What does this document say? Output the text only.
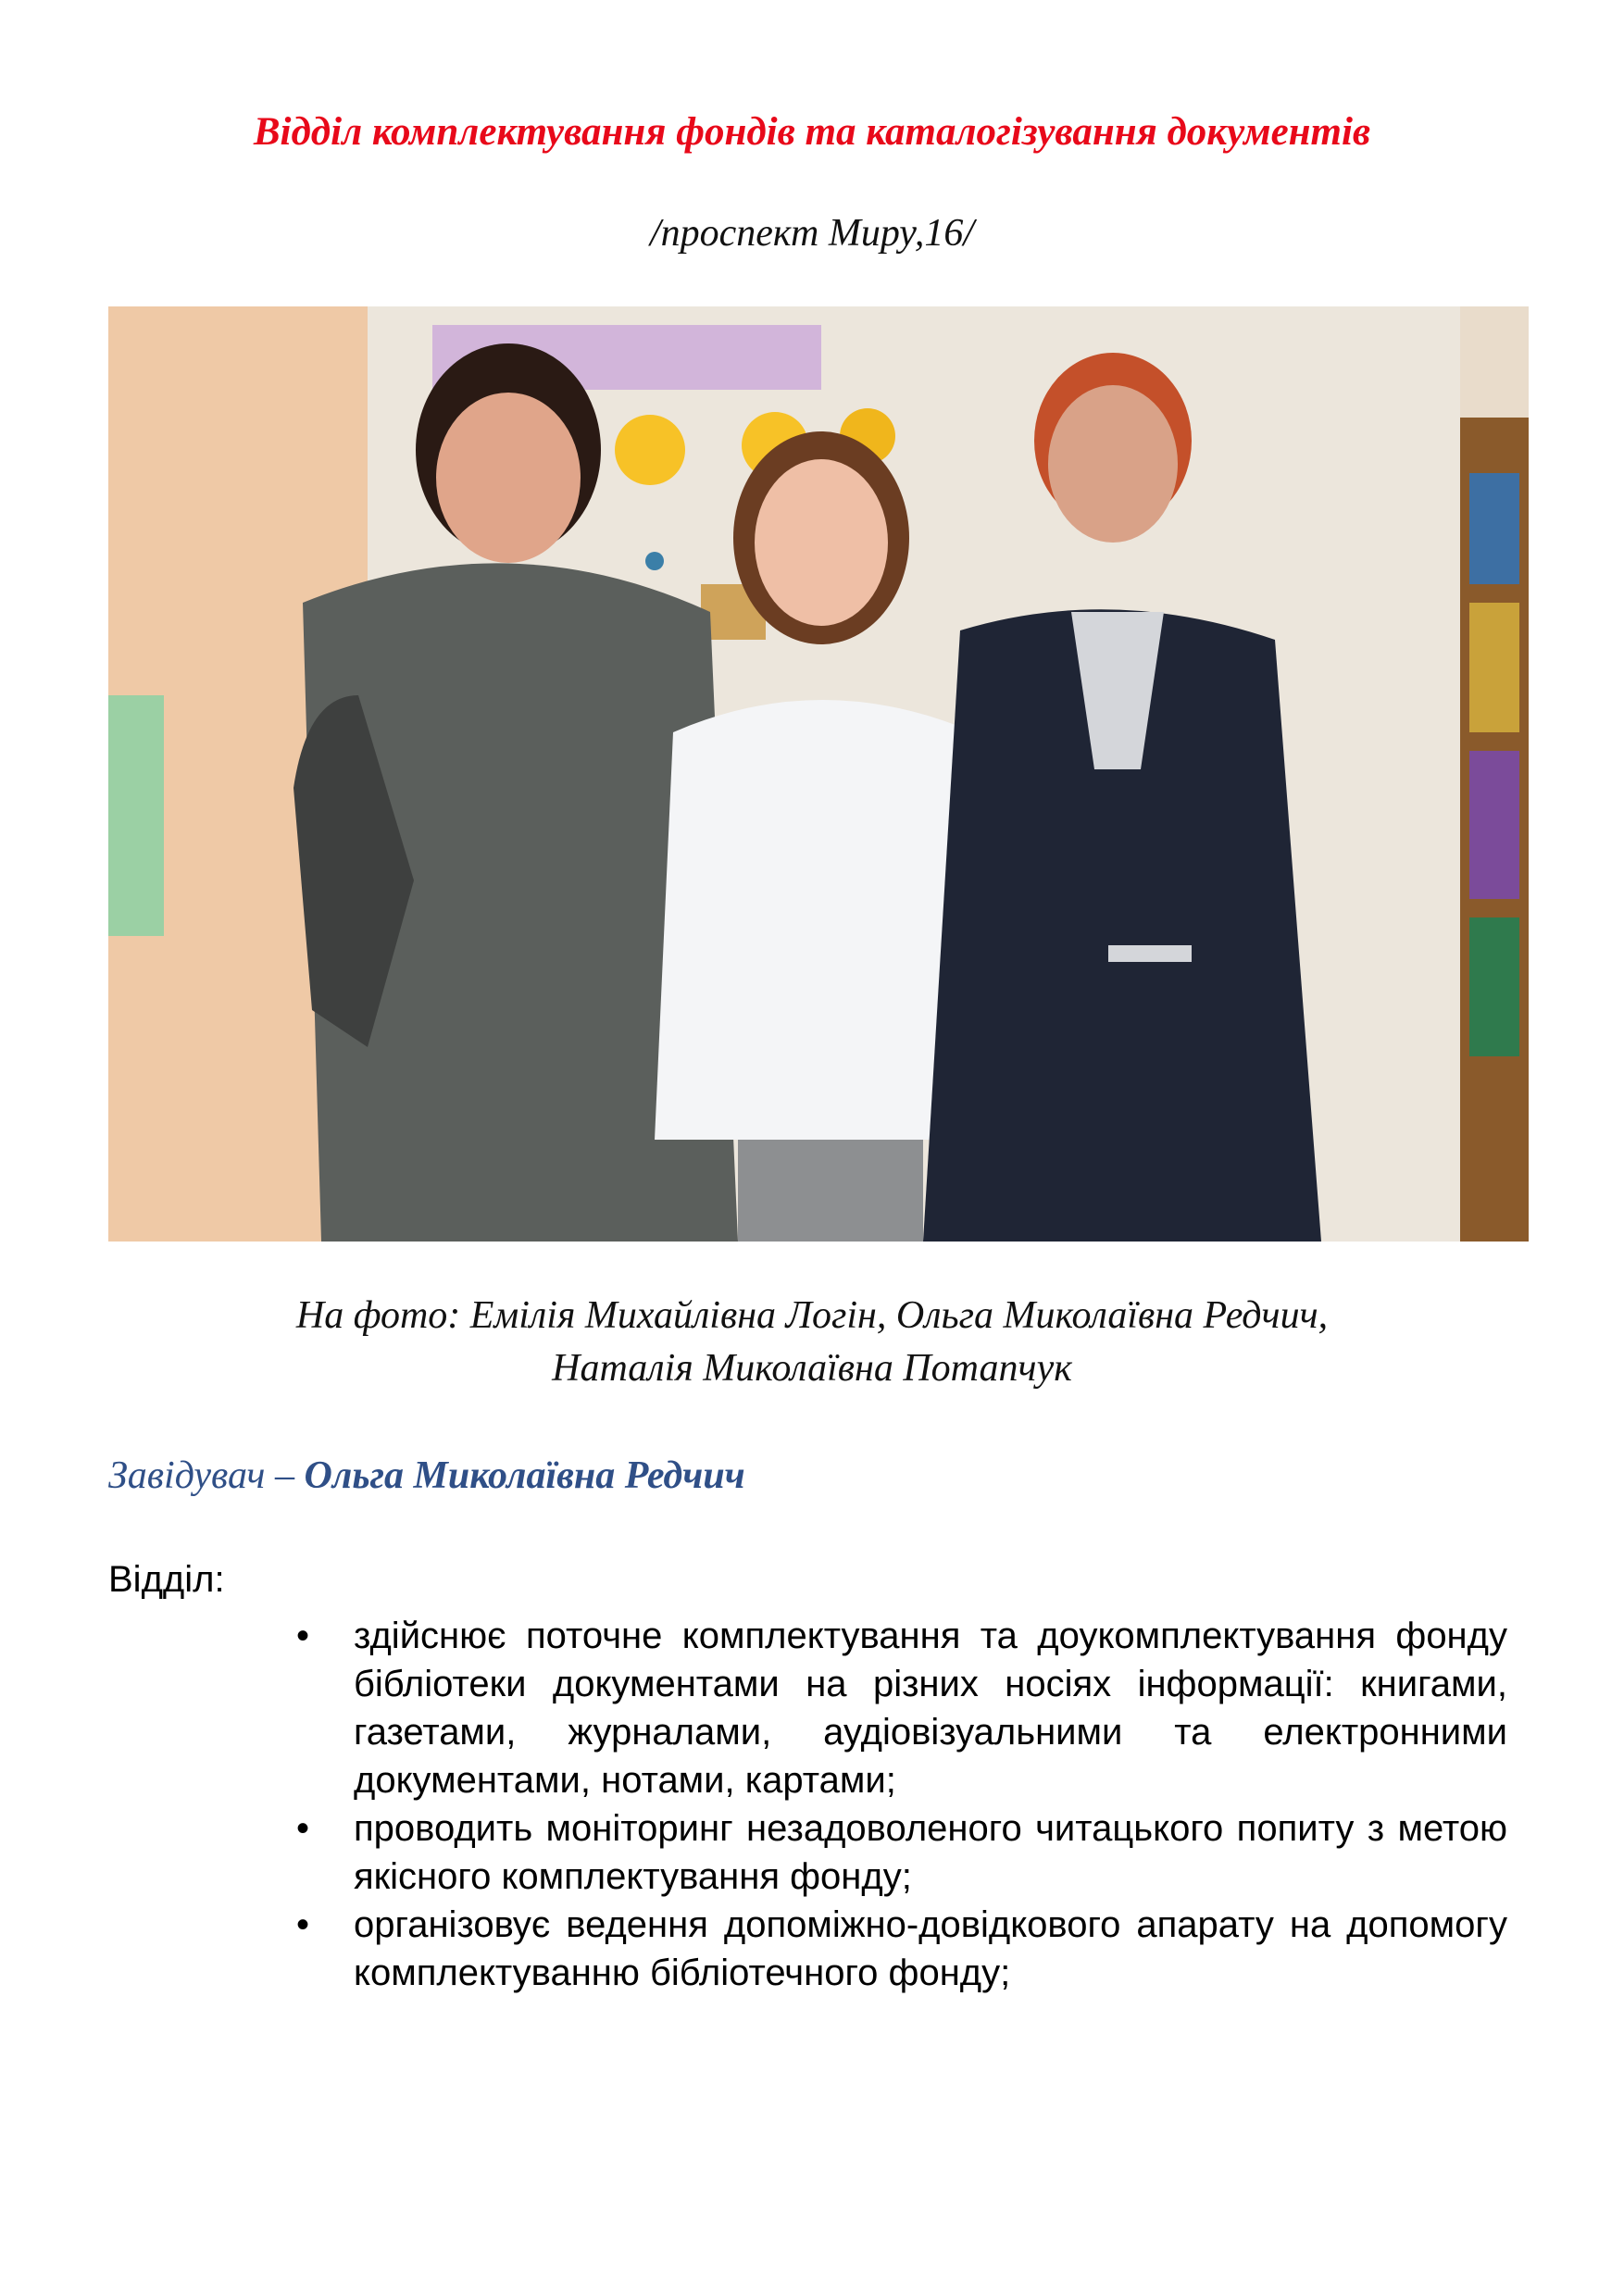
Відділ комплектування фондів та каталогізування документів
/проспект Миру,16/
На фото: Емілія Михайлівна Логін, Ольга Миколаївна Редчич,
Наталія Миколаївна Потапчук
Завідувач – Ольга Миколаївна Редчич
Відділ:
• здійснює поточне комплектування та доукомплектування фонду бібліотеки документами на різних носіях інформації: книгами, газетами, журналами, аудіовізуальними та електронними документами, нотами, картами;
• проводить моніторинг незадоволеного читацького попиту з метою якісного комплектування фонду;
• організовує ведення допоміжно-довідкового апарату на допомогу комплектуванню бібліотечного фонду;
